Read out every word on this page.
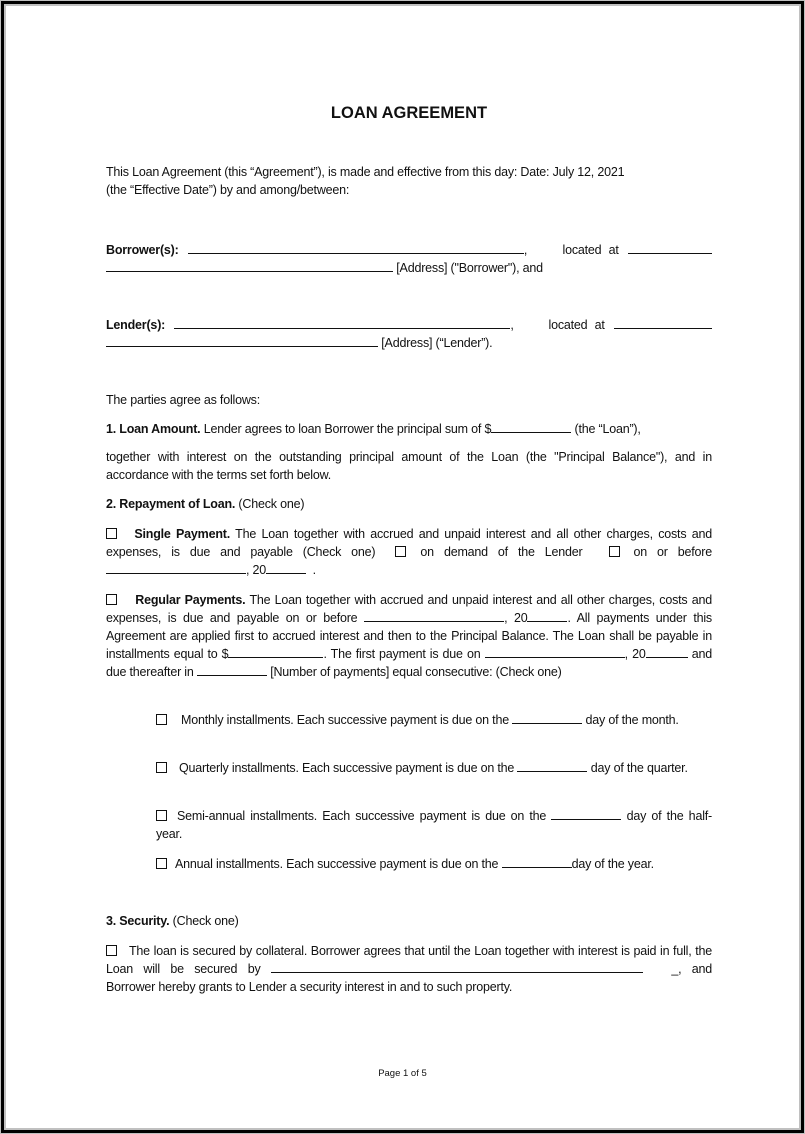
LOAN AGREEMENT
This Loan Agreement (this “Agreement”), is made and effective from this day: Date: July 12, 2021
(the “Effective Date”) by and among/between:
Borrower(s):	,	located at
[Address] ("Borrower"), and
Lender(s):	,	located at
[Address] (“Lender”).
The parties agree as follows:
1. Loan Amount. Lender agrees to loan Borrower the principal sum of $	(the “Loan”),
together with interest on the outstanding principal amount of the Loan (the "Principal Balance"), and in accordance with the terms set forth below.
2. Repayment of Loan. (Check one)
Single Payment. The Loan together with accrued and unpaid interest and all other charges, costs and expenses, is due and payable (Check one)	on demand of the Lender	on or before , 20	.
Regular Payments. The Loan together with accrued and unpaid interest and all other charges, costs and expenses, is due and payable on or before	, 20	. All payments under this Agreement are applied first to accrued interest and then to the Principal Balance. The Loan shall be payable in installments equal to $	. The first payment is due on	, 20	and due thereafter in	[Number of payments] equal consecutive: (Check one)
Monthly installments. Each successive payment is due on the	day of the month.
Quarterly installments. Each successive payment is due on the	day of the quarter.
Semi-annual installments. Each successive payment is due on the	day of the half-year.
Annual installments. Each successive payment is due on the	day of the year.
3. Security. (Check one)
The loan is secured by collateral. Borrower agrees that until the Loan together with interest is paid in full, the Loan will be secured by	_, and Borrower hereby grants to Lender a security interest in and to such property.
Page 1 of 5
